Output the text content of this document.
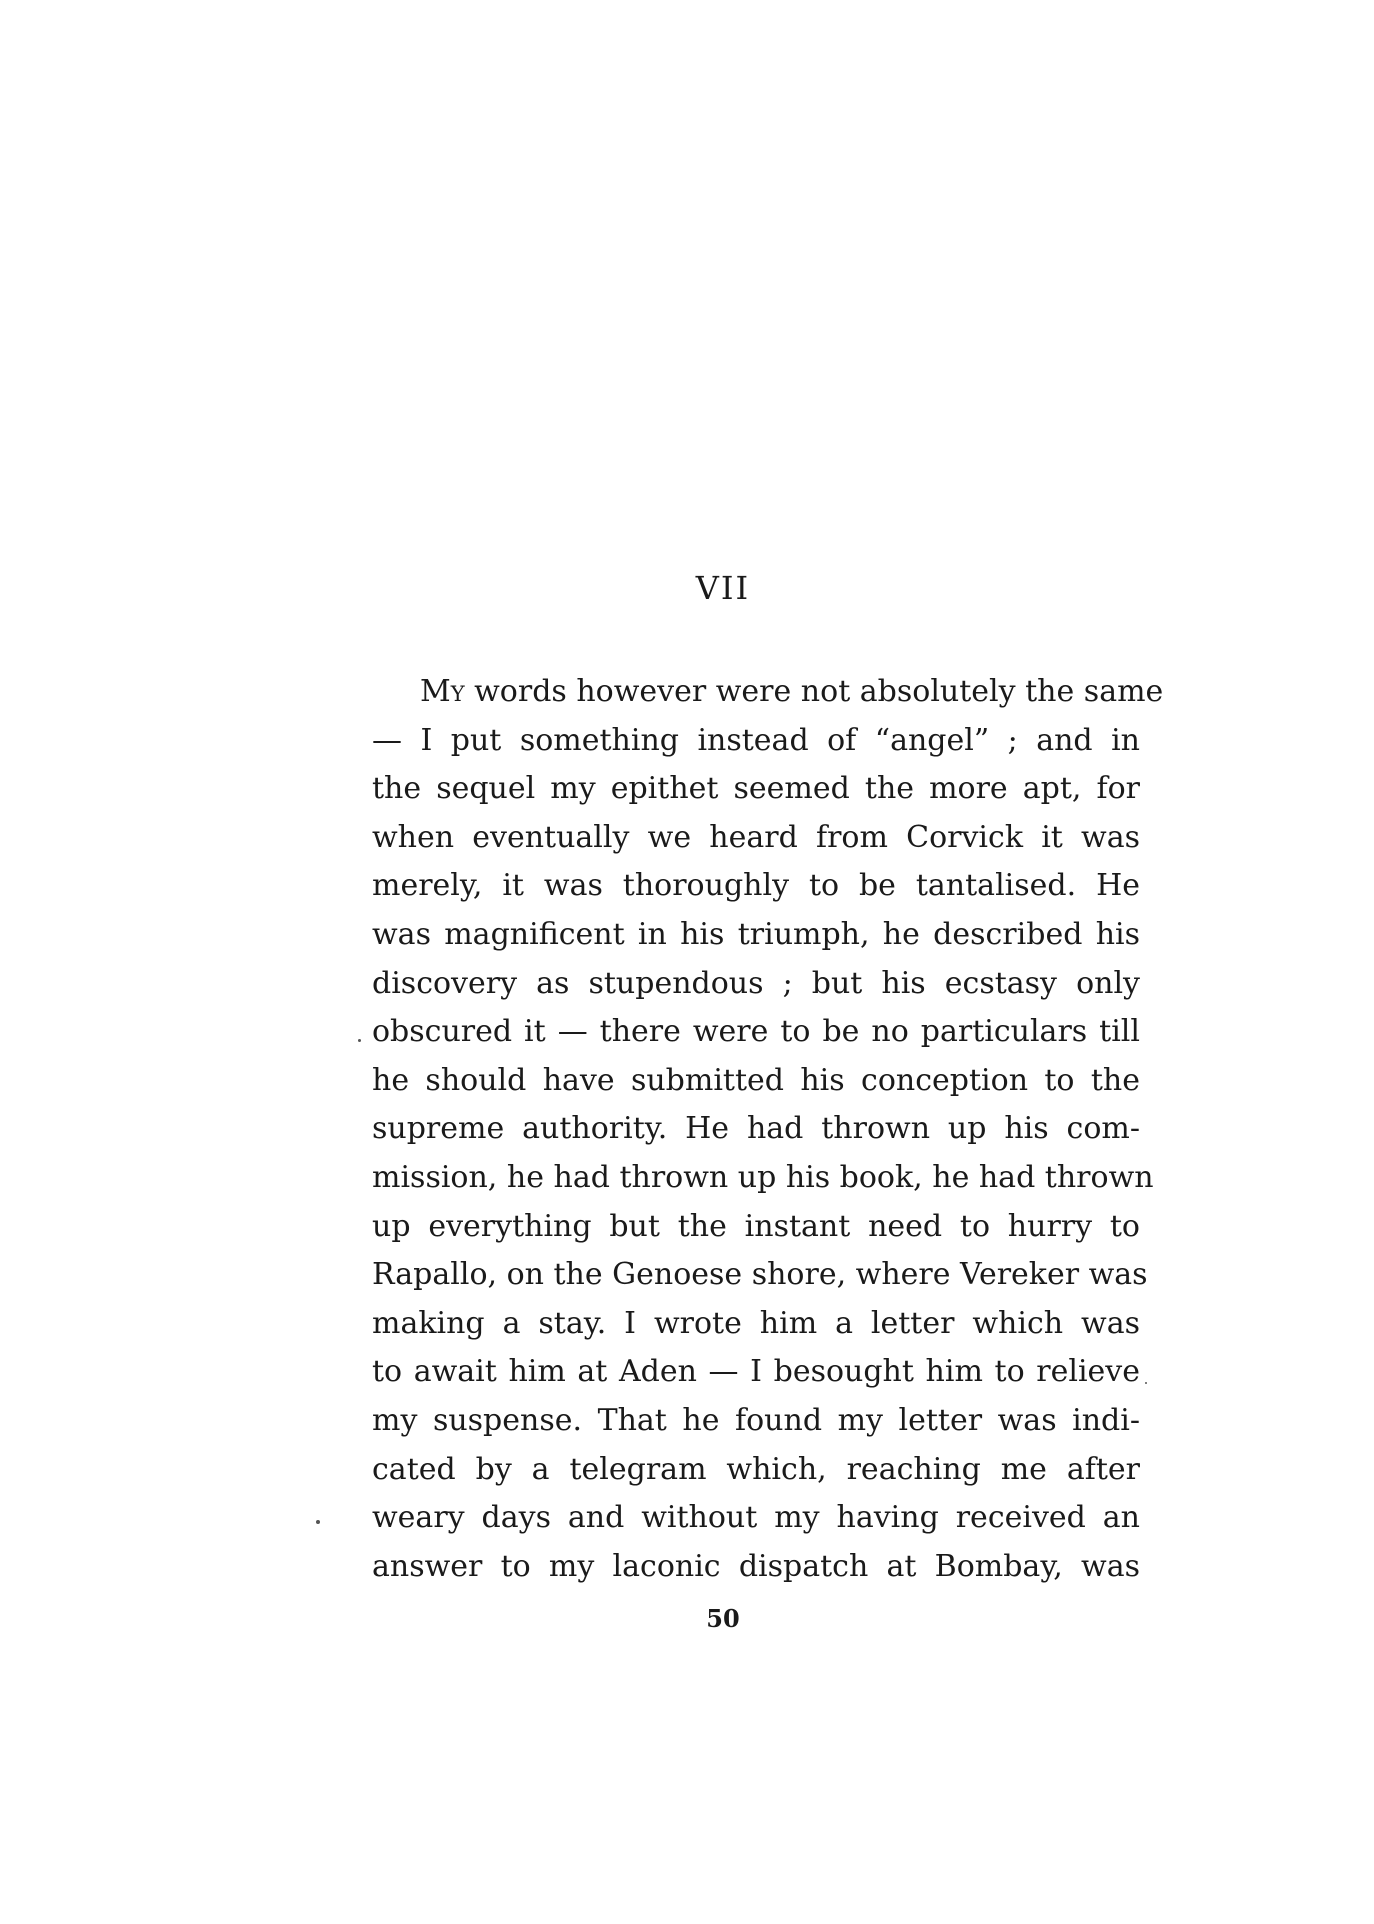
VII
My words however were not absolutely the same
— I put something instead of “angel” ; and in
the sequel my epithet seemed the more apt, for
when eventually we heard from Corvick it was
merely, it was thoroughly to be tantalised. He
was magnificent in his triumph, he described his
discovery as stupendous ; but his ecstasy only
obscured it — there were to be no particulars till
he should have submitted his conception to the
supreme authority. He had thrown up his com-
mission, he had thrown up his book, he had thrown
up everything but the instant need to hurry to
Rapallo, on the Genoese shore, where Vereker was
making a stay. I wrote him a letter which was
to await him at Aden — I besought him to relieve
my suspense. That he found my letter was indi-
cated by a telegram which, reaching me after
weary days and without my having received an
answer to my laconic dispatch at Bombay, was
50
